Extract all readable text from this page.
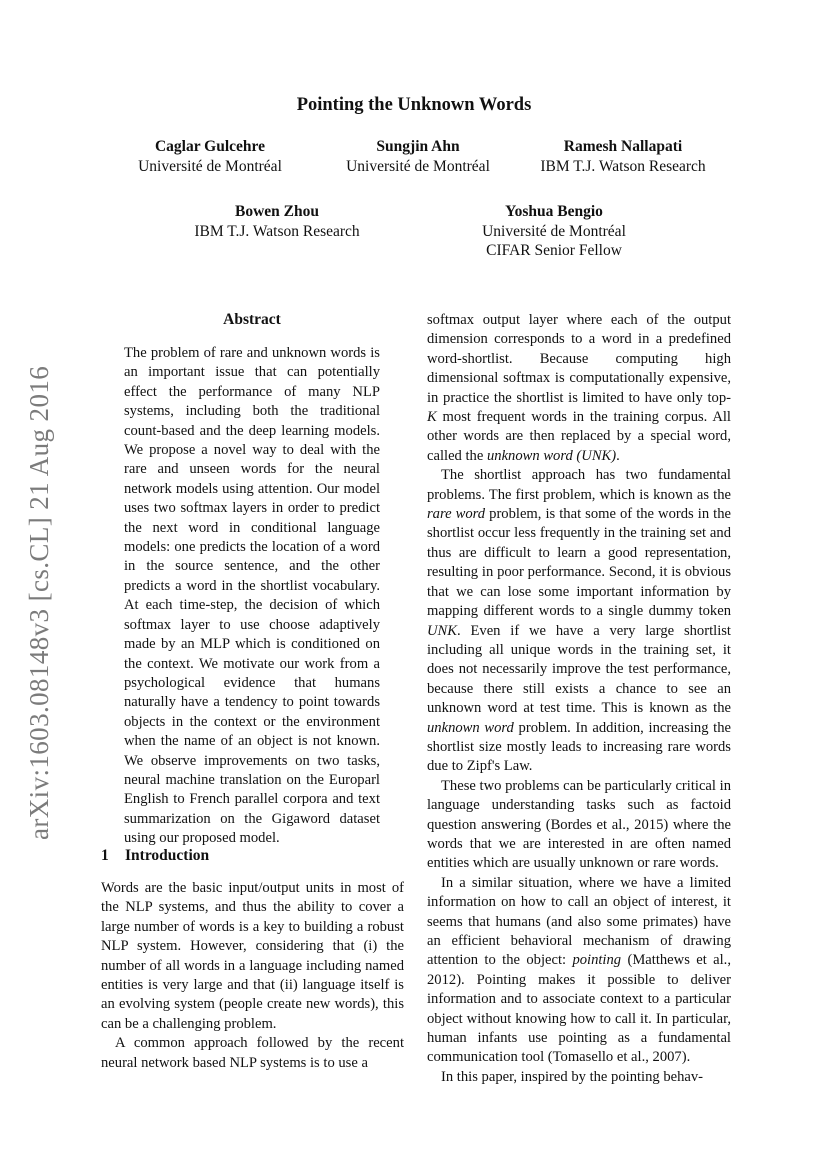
Pointing the Unknown Words
Caglar Gulcehre
Université de Montréal
Sungjin Ahn
Université de Montréal
Ramesh Nallapati
IBM T.J. Watson Research
Bowen Zhou
IBM T.J. Watson Research
Yoshua Bengio
Université de Montréal
CIFAR Senior Fellow
arXiv:1603.08148v3 [cs.CL] 21 Aug 2016
Abstract
The problem of rare and unknown words is an important issue that can potentially effect the performance of many NLP systems, including both the traditional count-based and the deep learning models. We propose a novel way to deal with the rare and unseen words for the neural network models using attention. Our model uses two softmax layers in order to predict the next word in conditional language models: one predicts the location of a word in the source sentence, and the other predicts a word in the shortlist vocabulary. At each time-step, the decision of which softmax layer to use choose adaptively made by an MLP which is conditioned on the context. We motivate our work from a psychological evidence that humans naturally have a tendency to point towards objects in the context or the environment when the name of an object is not known. We observe improvements on two tasks, neural machine translation on the Europarl English to French parallel corpora and text summarization on the Gigaword dataset using our proposed model.
1 Introduction

Words are the basic input/output units in most of the NLP systems, and thus the ability to cover a large number of words is a key to building a robust NLP system. However, considering that (i) the number of all words in a language including named entities is very large and that (ii) language itself is an evolving system (people create new words), this can be a challenging problem.

A common approach followed by the recent neural network based NLP systems is to use a

softmax output layer where each of the output dimension corresponds to a word in a predefined word-shortlist. Because computing high dimensional softmax is computationally expensive, in practice the shortlist is limited to have only top-K most frequent words in the training corpus. All other words are then replaced by a special word, called the unknown word (UNK).

The shortlist approach has two fundamental problems. The first problem, which is known as the rare word problem, is that some of the words in the shortlist occur less frequently in the training set and thus are difficult to learn a good representation, resulting in poor performance. Second, it is obvious that we can lose some important information by mapping different words to a single dummy token UNK. Even if we have a very large shortlist including all unique words in the training set, it does not necessarily improve the test performance, because there still exists a chance to see an unknown word at test time. This is known as the unknown word problem. In addition, increasing the shortlist size mostly leads to increasing rare words due to Zipf's Law.

These two problems can be particularly critical in language understanding tasks such as factoid question answering (Bordes et al., 2015) where the words that we are interested in are often named entities which are usually unknown or rare words.

In a similar situation, where we have a limited information on how to call an object of interest, it seems that humans (and also some primates) have an efficient behavioral mechanism of drawing attention to the object: pointing (Matthews et al., 2012). Pointing makes it possible to deliver information and to associate context to a particular object without knowing how to call it. In particular, human infants use pointing as a fundamental communication tool (Tomasello et al., 2007).

In this paper, inspired by the pointing behav-
